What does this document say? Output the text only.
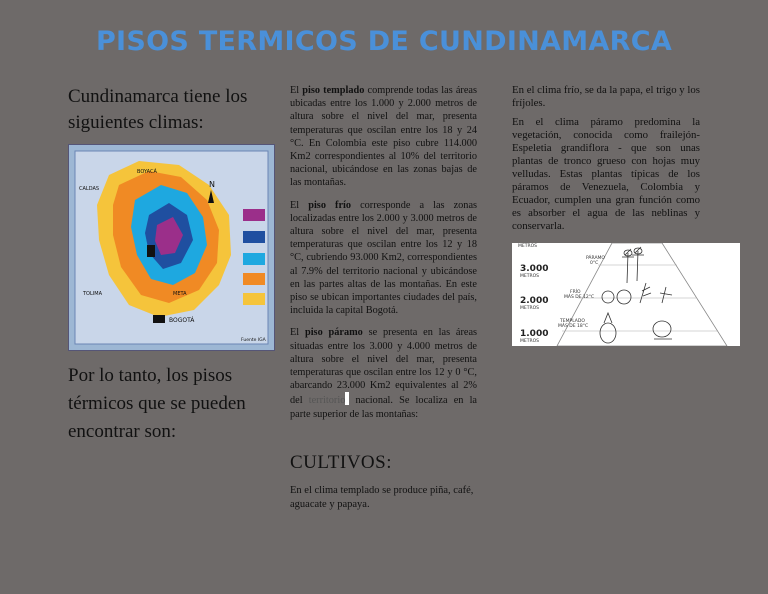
PISOS TERMICOS DE CUNDINAMARCA
Cundinamarca tiene los siguientes climas:
N
BOYACÁ
CALDAS
TOLIMA	META
BOGOTÁ
Fuente IGA
Por lo tanto, los pisos térmicos que se pueden encontrar son:

El piso templado comprende todas las áreas ubicadas entre los 1.000 y 2.000 metros de altura sobre el nivel del mar, presenta temperaturas que oscilan entre los 18 y 24 °C. En Colombia este piso cubre 114.000 Km2 correspondientes al 10% del territorio nacional, ubicándose en las zonas bajas de las montañas.

El piso frío corresponde a las zonas localizadas entre los 2.000 y 3.000 metros de altura sobre el nivel del mar, presenta temperaturas que oscilan entre los 12 y 18 °C, cubriendo 93.000 Km2, correspondientes al 7.9% del territorio nacional y ubicándose en las partes altas de las montañas. En este piso se ubican importantes ciudades del país, incluida la capital Bogotá.

El piso páramo se presenta en las áreas situadas entre los 3.000 y 4.000 metros de altura sobre el nivel del mar, presenta temperaturas que oscilan entre los 12 y 0 °C, abarcando 23.000 Km2 equivalentes al 2% del territorio nacional. Se localiza en la parte superior de las montañas:

CULTIVOS:
En el clima templado se produce piña, café, aguacate y papaya.

En el clima frío, se da la papa, el trigo y los fríjoles.

En el clima páramo predomina la vegetación, conocida como frailejón- Espeletia grandiflora - que son unas plantas de tronco grueso con hojas muy velludas. Estas plantas típicas de los páramos de Venezuela, Colombia y Ecuador, cumplen una gran función como es absorber el agua de las neblinas y conservarla.

METROS
3.000
METROS
2.000
METROS
1.000
METROS
PÁRAMO
0°C
FRÍO
MÁS DE 12°C
TEMPLADO
MÁS DE 18°C
